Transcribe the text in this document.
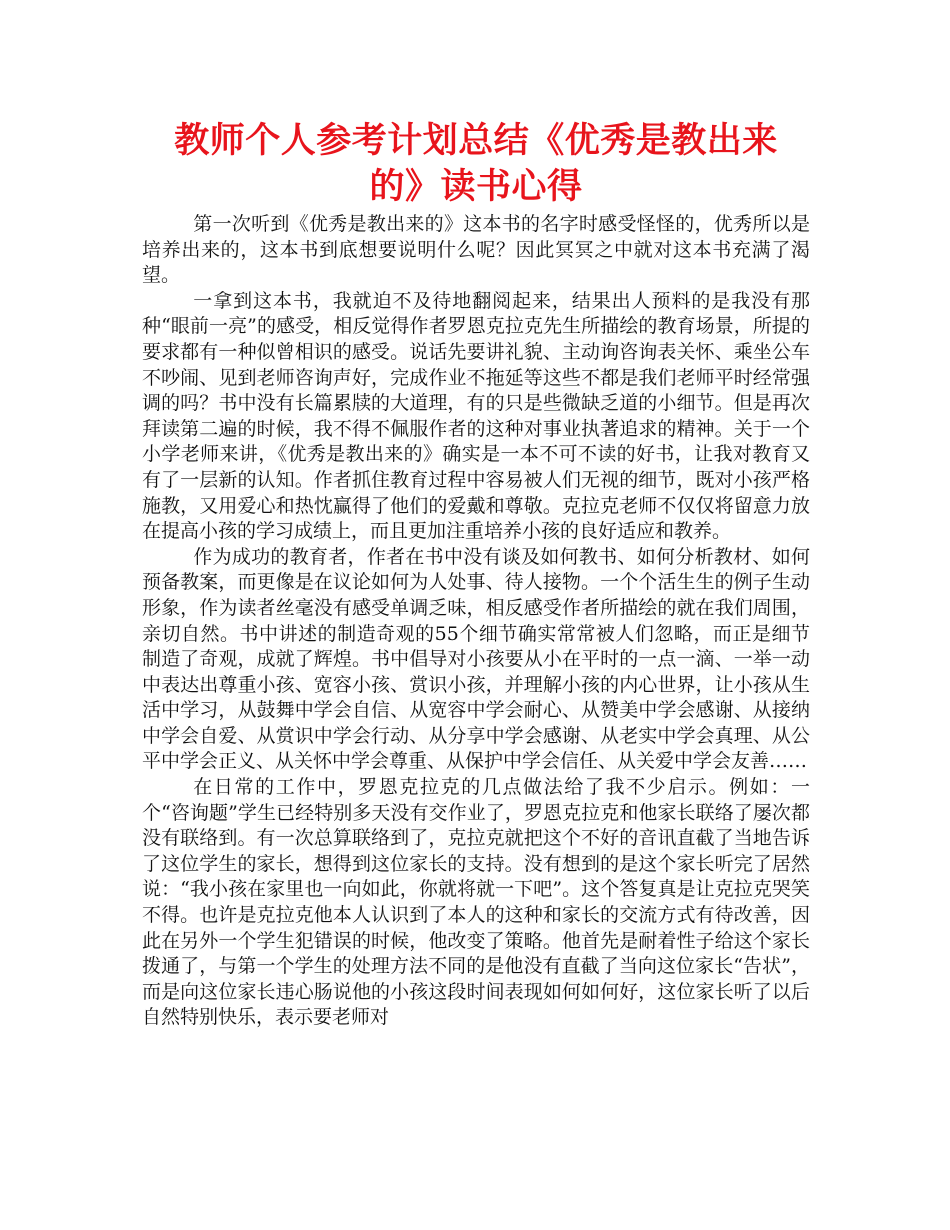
教师个人参考计划总结《优秀是教出来
的》读书心得

第一次听到《优秀是教出来的》这本书的名字时感受怪怪的，优秀所以是培养出来的，这本书到底想要说明什么呢？因此冥冥之中就对这本书充满了渴望。

一拿到这本书，我就迫不及待地翻阅起来，结果出人预料的是我没有那种“眼前一亮”的感受，相反觉得作者罗恩克拉克先生所描绘的教育场景，所提的要求都有一种似曾相识的感受。说话先要讲礼貌、主动询咨询表关怀、乘坐公车不吵闹、见到老师咨询声好，完成作业不拖延等这些不都是我们老师平时经常强调的吗？书中没有长篇累牍的大道理，有的只是些微缺乏道的小细节。但是再次拜读第二遍的时候，我不得不佩服作者的这种对事业执著追求的精神。关于一个小学老师来讲，《优秀是教出来的》确实是一本不可不读的好书，让我对教育又有了一层新的认知。作者抓住教育过程中容易被人们无视的细节，既对小孩严格施教，又用爱心和热忱赢得了他们的爱戴和尊敬。克拉克老师不仅仅将留意力放在提高小孩的学习成绩上，而且更加注重培养小孩的良好适应和教养。

作为成功的教育者，作者在书中没有谈及如何教书、如何分析教材、如何预备教案，而更像是在议论如何为人处事、待人接物。一个个活生生的例子生动形象，作为读者丝毫没有感受单调乏味，相反感受作者所描绘的就在我们周围，亲切自然。书中讲述的制造奇观的55个细节确实常常被人们忽略，而正是细节制造了奇观，成就了辉煌。书中倡导对小孩要从小在平时的一点一滴、一举一动中表达出尊重小孩、宽容小孩、赏识小孩，并理解小孩的内心世界，让小孩从生活中学习，从鼓舞中学会自信、从宽容中学会耐心、从赞美中学会感谢、从接纳中学会自爱、从赏识中学会行动、从分享中学会感谢、从老实中学会真理、从公平中学会正义、从关怀中学会尊重、从保护中学会信任、从关爱中学会友善……

在日常的工作中，罗恩克拉克的几点做法给了我不少启示。例如：一个“咨询题”学生已经特别多天没有交作业了，罗恩克拉克和他家长联络了屡次都没有联络到。有一次总算联络到了，克拉克就把这个不好的音讯直截了当地告诉了这位学生的家长，想得到这位家长的支持。没有想到的是这个家长听完了居然说：“我小孩在家里也一向如此，你就将就一下吧”。这个答复真是让克拉克哭笑不得。也许是克拉克他本人认识到了本人的这种和家长的交流方式有待改善，因此在另外一个学生犯错误的时候，他改变了策略。他首先是耐着性子给这个家长拨通了，与第一个学生的处理方法不同的是他没有直截了当向这位家长“告状”，而是向这位家长违心肠说他的小孩这段时间表现如何如何好，这位家长听了以后自然特别快乐，表示要老师对
